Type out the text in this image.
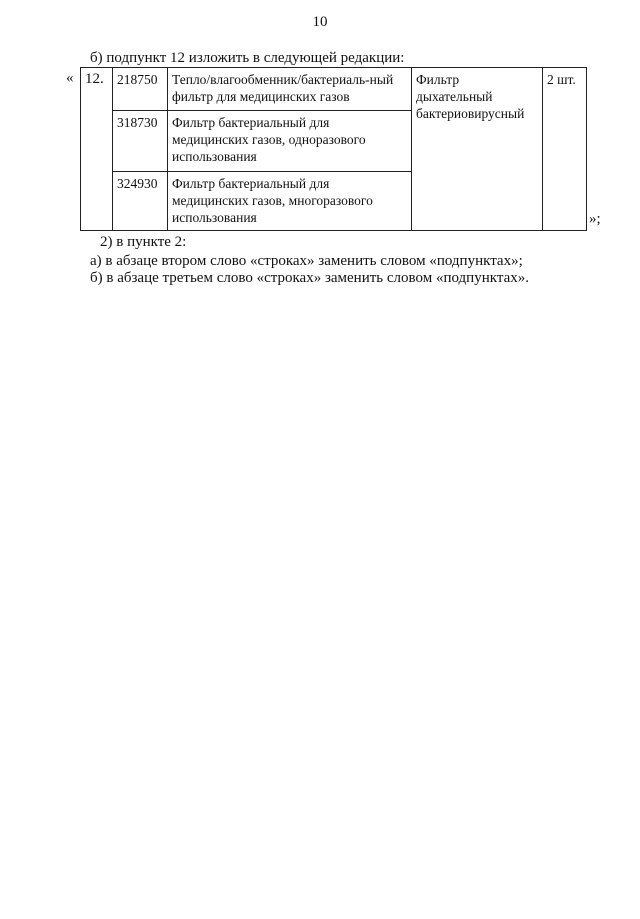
10
б) подпункт 12 изложить в следующей редакции:
« 12.	218750	Тепло/влагообменник/бактериаль-ный фильтр для медицинских газов	Фильтр дыхательный бактериовирусный	2 шт.
	318730	Фильтр бактериальный для медицинских газов, одноразового использования		
	324930	Фильтр бактериальный для медицинских газов, многоразового использования			»;
2) в пункте 2:
а) в абзаце втором слово «строках» заменить словом «подпунктах»;
б) в абзаце третьем слово «строках» заменить словом «подпунктах».
